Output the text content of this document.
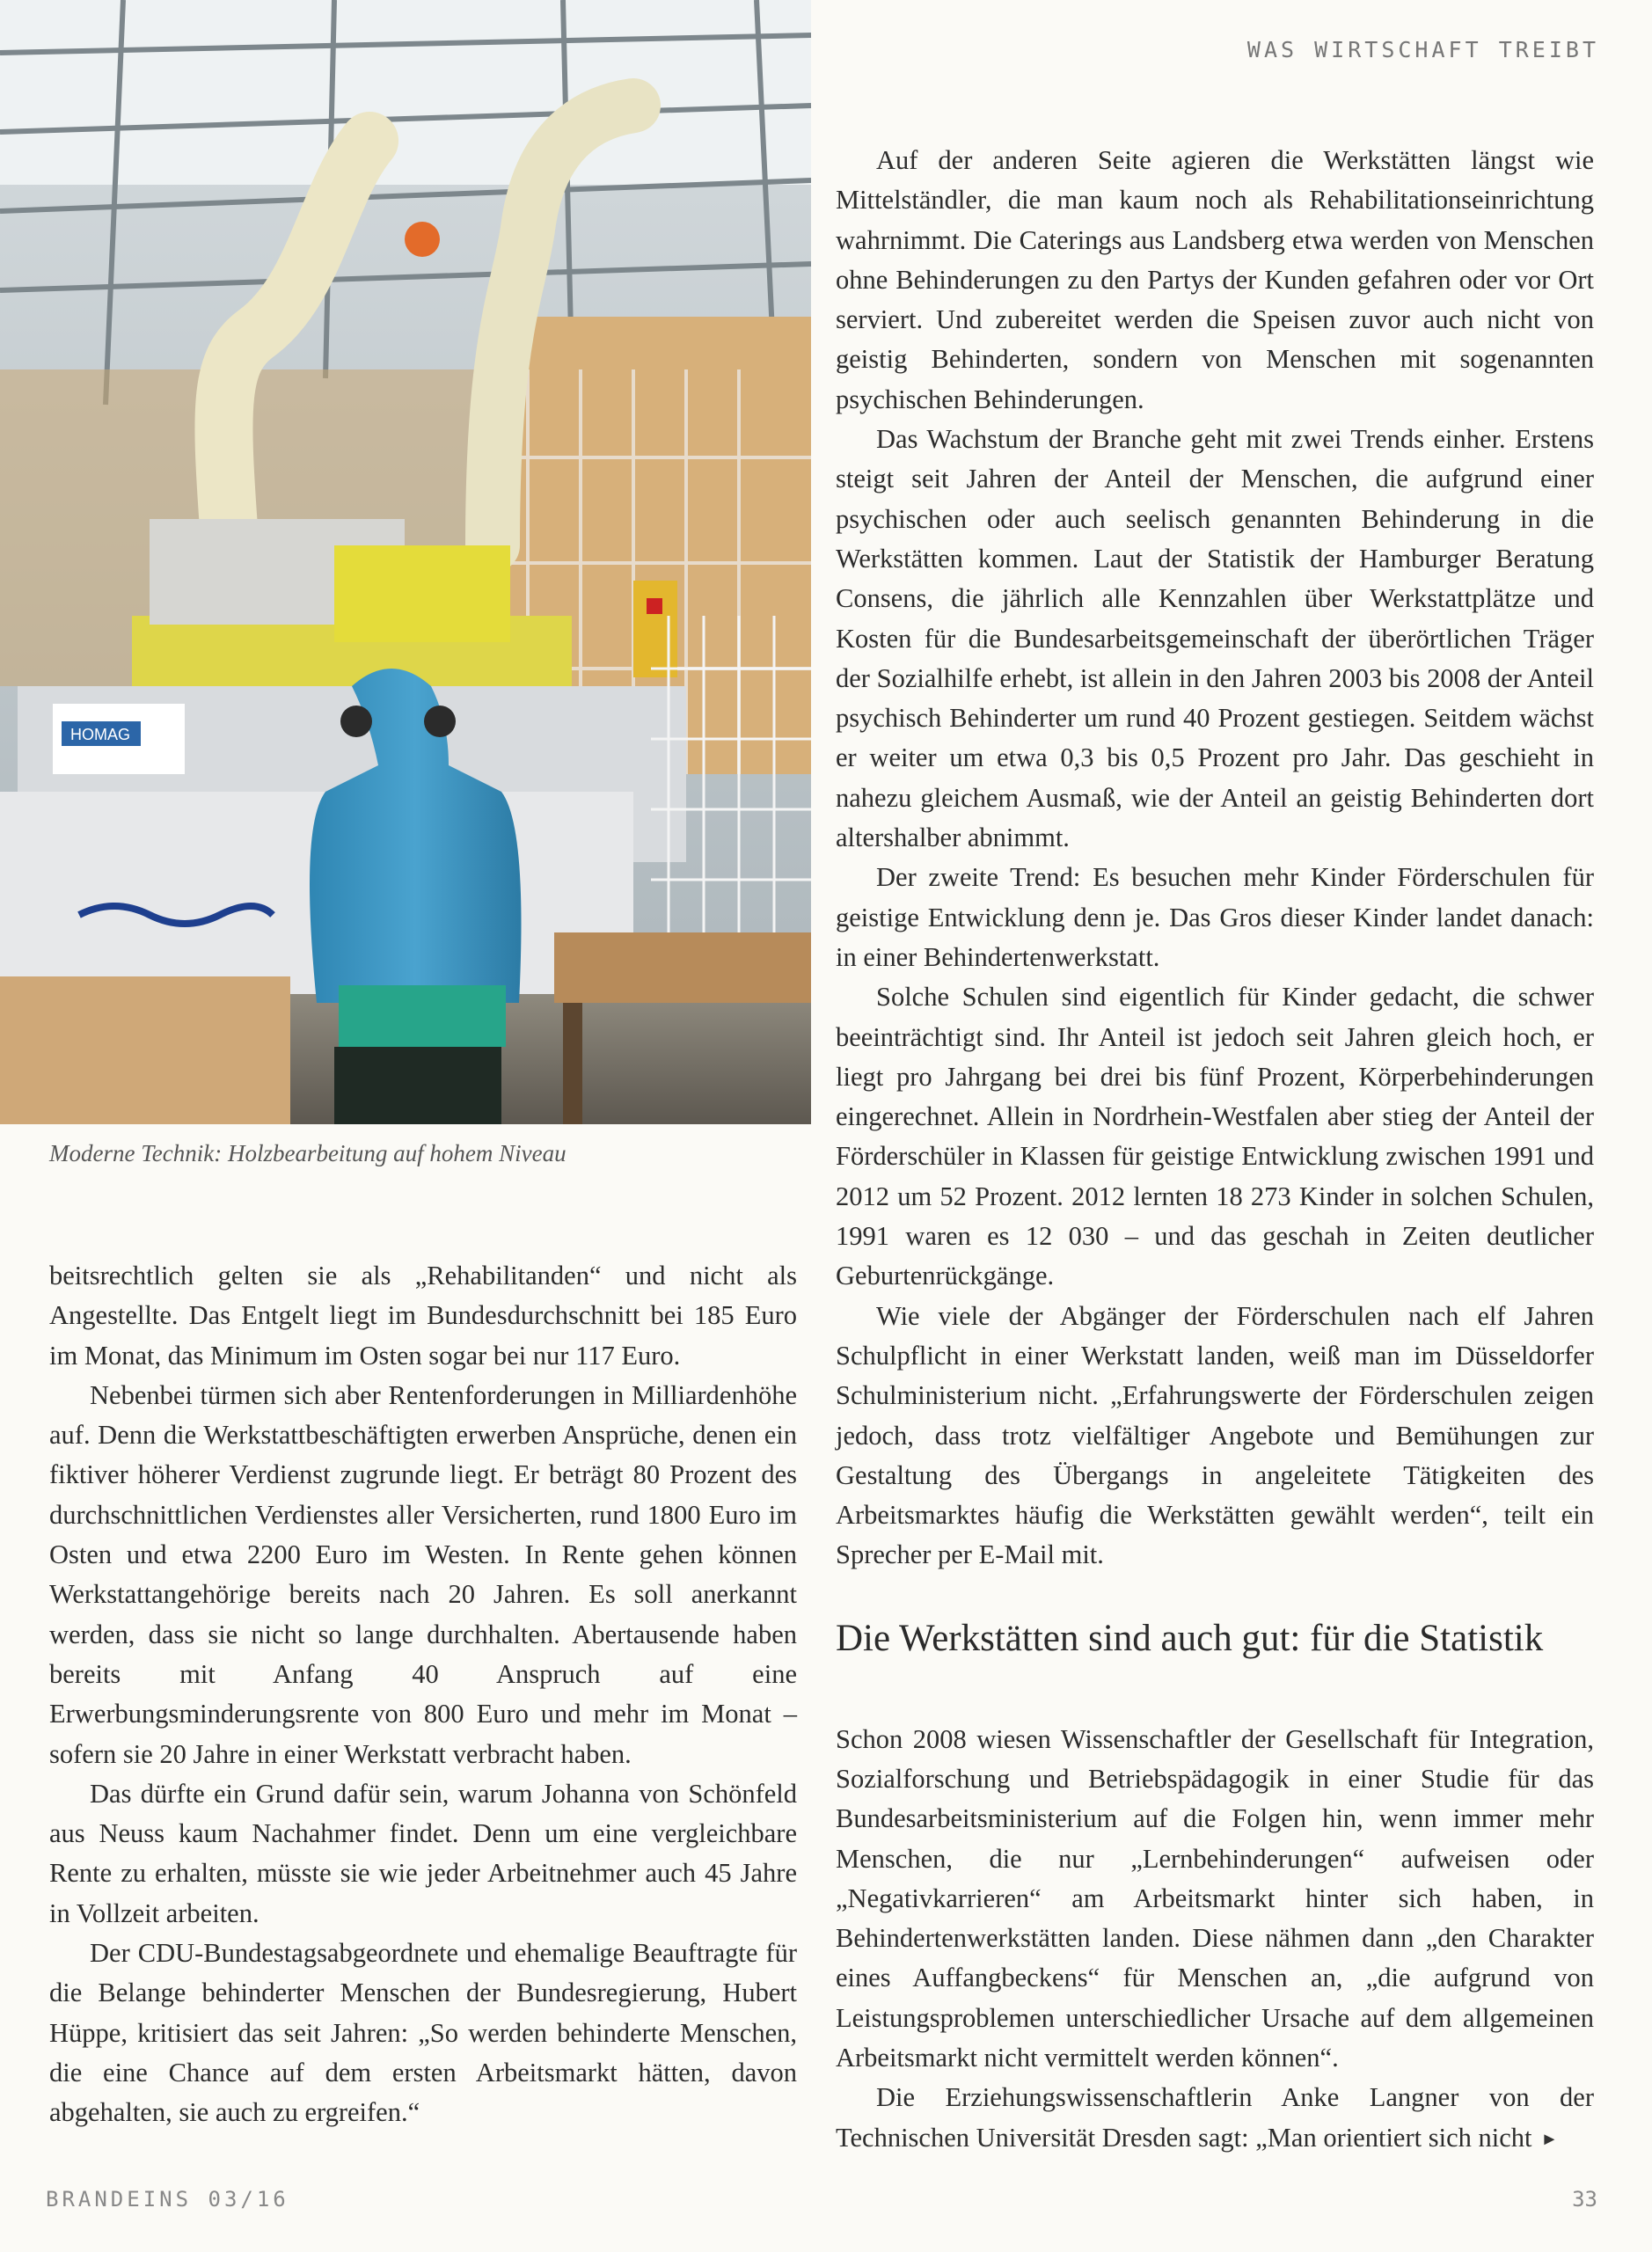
WAS WIRTSCHAFT TREIBT
HOMAG
Moderne Technik: Holzbearbeitung auf hohem Niveau

beitsrechtlich gelten sie als „Rehabilitanden“ und nicht als Angestellte. Das Entgelt liegt im Bundesdurchschnitt bei 185 Euro im Monat, das Minimum im Osten sogar bei nur 117 Euro.

Nebenbei türmen sich aber Rentenforderungen in Milliardenhöhe auf. Denn die Werkstattbeschäftigten erwerben Ansprüche, denen ein fiktiver höherer Verdienst zugrunde liegt. Er beträgt 80 Prozent des durchschnittlichen Verdienstes aller Versicherten, rund 1800 Euro im Osten und etwa 2200 Euro im Westen. In Rente gehen können Werkstattangehörige bereits nach 20 Jahren. Es soll anerkannt werden, dass sie nicht so lange durchhalten. Abertausende haben bereits mit Anfang 40 Anspruch auf eine Erwerbungsminderungsrente von 800 Euro und mehr im Monat – sofern sie 20 Jahre in einer Werkstatt verbracht haben.

Das dürfte ein Grund dafür sein, warum Johanna von Schönfeld aus Neuss kaum Nachahmer findet. Denn um eine vergleichbare Rente zu erhalten, müsste sie wie jeder Arbeitnehmer auch 45 Jahre in Vollzeit arbeiten.

Der CDU-Bundestagsabgeordnete und ehemalige Beauftragte für die Belange behinderter Menschen der Bundesregierung, Hubert Hüppe, kritisiert das seit Jahren: „So werden behinderte Menschen, die eine Chance auf dem ersten Arbeitsmarkt hätten, davon abgehalten, sie auch zu ergreifen.“

Auf der anderen Seite agieren die Werkstätten längst wie Mittelständler, die man kaum noch als Rehabilitationseinrichtung wahrnimmt. Die Caterings aus Landsberg etwa werden von Menschen ohne Behinderungen zu den Partys der Kunden gefahren oder vor Ort serviert. Und zubereitet werden die Speisen zuvor auch nicht von geistig Behinderten, sondern von Menschen mit sogenannten psychischen Behinderungen.

Das Wachstum der Branche geht mit zwei Trends einher. Erstens steigt seit Jahren der Anteil der Menschen, die aufgrund einer psychischen oder auch seelisch genannten Behinderung in die Werkstätten kommen. Laut der Statistik der Hamburger Beratung Consens, die jährlich alle Kennzahlen über Werkstattplätze und Kosten für die Bundesarbeitsgemeinschaft der überörtlichen Träger der Sozialhilfe erhebt, ist allein in den Jahren 2003 bis 2008 der Anteil psychisch Behinderter um rund 40 Prozent gestiegen. Seitdem wächst er weiter um etwa 0,3 bis 0,5 Prozent pro Jahr. Das geschieht in nahezu gleichem Ausmaß, wie der Anteil an geistig Behinderten dort altershalber abnimmt.

Der zweite Trend: Es besuchen mehr Kinder Förderschulen für geistige Entwicklung denn je. Das Gros dieser Kinder landet danach: in einer Behindertenwerkstatt.

Solche Schulen sind eigentlich für Kinder gedacht, die schwer beeinträchtigt sind. Ihr Anteil ist jedoch seit Jahren gleich hoch, er liegt pro Jahrgang bei drei bis fünf Prozent, Körperbehinderungen eingerechnet. Allein in Nordrhein-Westfalen aber stieg der Anteil der Förderschüler in Klassen für geistige Entwicklung zwischen 1991 und 2012 um 52 Prozent. 2012 lernten 18 273 Kinder in solchen Schulen, 1991 waren es 12 030 – und das geschah in Zeiten deutlicher Geburtenrückgänge.

Wie viele der Abgänger der Förderschulen nach elf Jahren Schulpflicht in einer Werkstatt landen, weiß man im Düsseldorfer Schulministerium nicht. „Erfahrungswerte der Förderschulen zeigen jedoch, dass trotz vielfältiger Angebote und Bemühungen zur Gestaltung des Übergangs in angeleitete Tätigkeiten des Arbeitsmarktes häufig die Werkstätten gewählt werden“, teilt ein Sprecher per E-Mail mit.

Die Werkstätten sind auch gut: für die Statistik

Schon 2008 wiesen Wissenschaftler der Gesellschaft für Integration, Sozialforschung und Betriebspädagogik in einer Studie für das Bundesarbeitsministerium auf die Folgen hin, wenn immer mehr Menschen, die nur „Lernbehinderungen“ aufweisen oder „Negativkarrieren“ am Arbeitsmarkt hinter sich haben, in Behindertenwerkstätten landen. Diese nähmen dann „den Charakter eines Auffangbeckens“ für Menschen an, „die aufgrund von Leistungsproblemen unterschiedlicher Ursache auf dem allgemeinen Arbeitsmarkt nicht vermittelt werden können“.

Die Erziehungswissenschaftlerin Anke Langner von der Technischen Universität Dresden sagt: „Man orientiert sich nicht ►

BRANDEINS 03/16	33
